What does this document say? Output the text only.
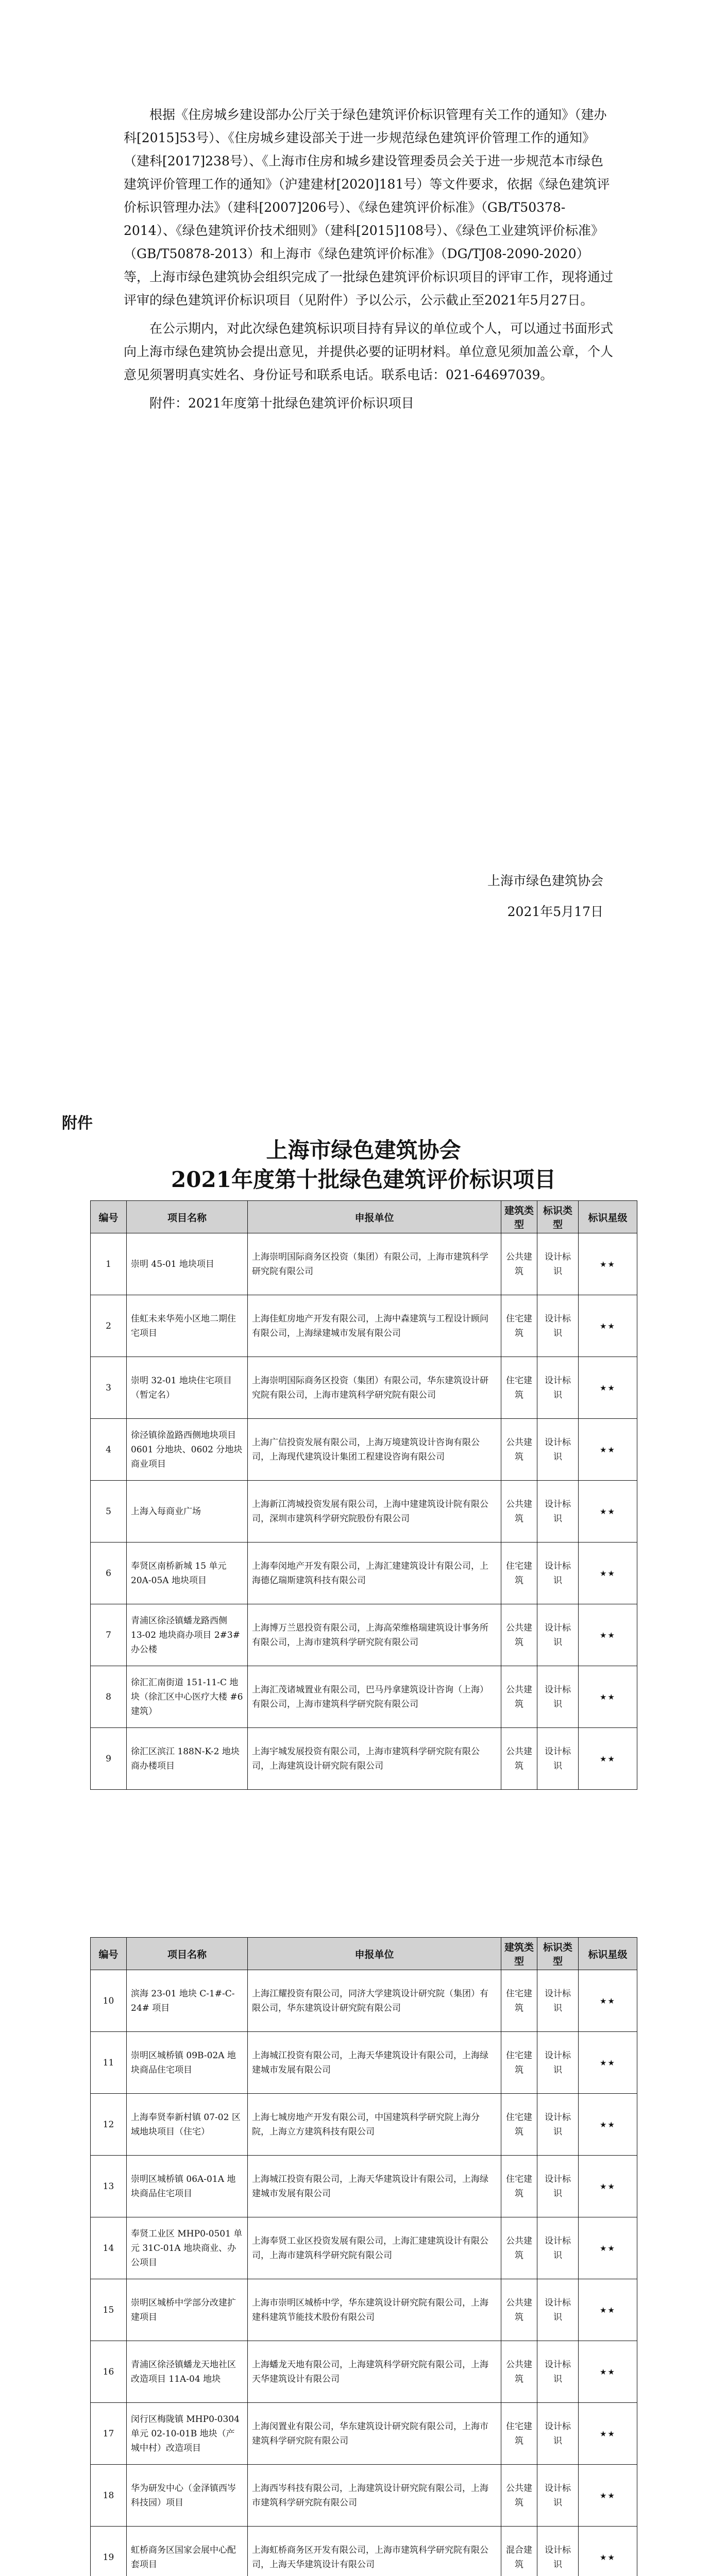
根据《住房城乡建设部办公厅关于绿色建筑评价标识管理有关工作的通知》（建办科[2015]53号）、《住房城乡建设部关于进一步规范绿色建筑评价管理工作的通知》（建科[2017]238号）、《上海市住房和城乡建设管理委员会关于进一步规范本市绿色建筑评价管理工作的通知》（沪建建材[2020]181号）等文件要求，依据《绿色建筑评价标识管理办法》（建科[2007]206号）、《绿色建筑评价标准》（GB/T50378-2014）、《绿色建筑评价技术细则》（建科[2015]108号）、《绿色工业建筑评价标准》（GB/T50878-2013）和上海市《绿色建筑评价标准》（DG/TJ08-2090-2020）等，上海市绿色建筑协会组织完成了一批绿色建筑评价标识项目的评审工作，现将通过评审的绿色建筑评价标识项目（见附件）予以公示，公示截止至2021年5月27日。

在公示期内，对此次绿色建筑标识项目持有异议的单位或个人，可以通过书面形式向上海市绿色建筑协会提出意见，并提供必要的证明材料。单位意见须加盖公章，个人意见须署明真实姓名、身份证号和联系电话。联系电话：021-64697039。

附件：2021年度第十批绿色建筑评价标识项目

上海市绿色建筑协会
2021年5月17日
附件
上海市绿色建筑协会
2021年度第十批绿色建筑评价标识项目
编号	项目名称	申报单位	建筑类型	标识类型	标识星级
1	崇明 45-01 地块项目	上海崇明国际商务区投资（集团）有限公司，上海市建筑科学研究院有限公司	公共建筑	设计标识	★★
2	佳虹未来华苑小区地二期住宅项目	上海佳虹房地产开发有限公司，上海中森建筑与工程设计顾问有限公司，上海绿建城市发展有限公司	住宅建筑	设计标识	★★
3	崇明 32-01 地块住宅项目（暂定名）	上海崇明国际商务区投资（集团）有限公司，华东建筑设计研究院有限公司，上海市建筑科学研究院有限公司	住宅建筑	设计标识	★★
4	徐泾镇徐盈路西侧地块项目 0601 分地块、0602 分地块商业项目	上海广信投资发展有限公司，上海万境建筑设计咨询有限公司，上海现代建筑设计集团工程建设咨询有限公司	公共建筑	设计标识	★★
5	上海入每商业广场	上海新江湾城投资发展有限公司，上海中建建筑设计院有限公司，深圳市建筑科学研究院股份有限公司	公共建筑	设计标识	★★
6	奉贤区南桥新城 15 单元 20A-05A 地块项目	上海奉闵地产开发有限公司，上海汇建建筑设计有限公司，上海德亿瑞斯建筑科技有限公司	住宅建筑	设计标识	★★
7	青浦区徐泾镇蟠龙路西侧 13-02 地块商办项目 2#3# 办公楼	上海博万兰恩投资有限公司，上海高荣维格瑞建筑设计事务所有限公司，上海市建筑科学研究院有限公司	公共建筑	设计标识	★★
8	徐汇汇南街道 151-11-C 地块（徐汇区中心医疗大楼 #6 建筑）	上海汇茂诸城置业有限公司，巴马丹拿建筑设计咨询（上海）有限公司，上海市建筑科学研究院有限公司	公共建筑	设计标识	★★
9	徐汇区滨江 188N-K-2 地块商办楼项目	上海宇城发展投资有限公司，上海市建筑科学研究院有限公司，上海建筑设计研究院有限公司	公共建筑	设计标识	★★
编号	项目名称	申报单位	建筑类型	标识类型	标识星级
10	滨海 23-01 地块 C-1#-C-24# 项目	上海江耀投资有限公司，同济大学建筑设计研究院（集团）有限公司，华东建筑设计研究院有限公司	住宅建筑	设计标识	★★
11	崇明区城桥镇 09B-02A 地块商品住宅项目	上海城江投资有限公司，上海天华建筑设计有限公司，上海绿建城市发展有限公司	住宅建筑	设计标识	★★
12	上海奉贤奉新村镇 07-02 区域地块项目（住宅）	上海七城房地产开发有限公司，中国建筑科学研究院上海分院，上海立方建筑科技有限公司	住宅建筑	设计标识	★★
13	崇明区城桥镇 06A-01A 地块商品住宅项目	上海城江投资有限公司，上海天华建筑设计有限公司，上海绿建城市发展有限公司	住宅建筑	设计标识	★★
14	奉贤工业区 MHP0-0501 单元 31C-01A 地块商业、办公项目	上海奉贤工业区投资发展有限公司，上海汇建建筑设计有限公司，上海市建筑科学研究院有限公司	公共建筑	设计标识	★★
15	崇明区城桥中学部分改建扩建项目	上海市崇明区城桥中学，华东建筑设计研究院有限公司，上海建科建筑节能技术股份有限公司	公共建筑	设计标识	★★
16	青浦区徐泾镇蟠龙天地社区改造项目 11A-04 地块	上海蟠龙天地有限公司，上海建筑科学研究院有限公司，上海天华建筑设计有限公司	公共建筑	设计标识	★★
17	闵行区梅陇镇 MHP0-0304 单元 02-10-01B 地块（产城中村）改造项目	上海闵置业有限公司，华东建筑设计研究院有限公司，上海市建筑科学研究院有限公司	住宅建筑	设计标识	★★
18	华为研发中心（金泽镇西岑科技园）项目	上海西岑科技有限公司，上海建筑设计研究院有限公司，上海市建筑科学研究院有限公司	公共建筑	设计标识	★★
19	虹桥商务区国家会展中心配套项目	上海虹桥商务区开发有限公司，上海市建筑科学研究院有限公司，上海天华建筑设计有限公司	混合建筑	设计标识	★★
